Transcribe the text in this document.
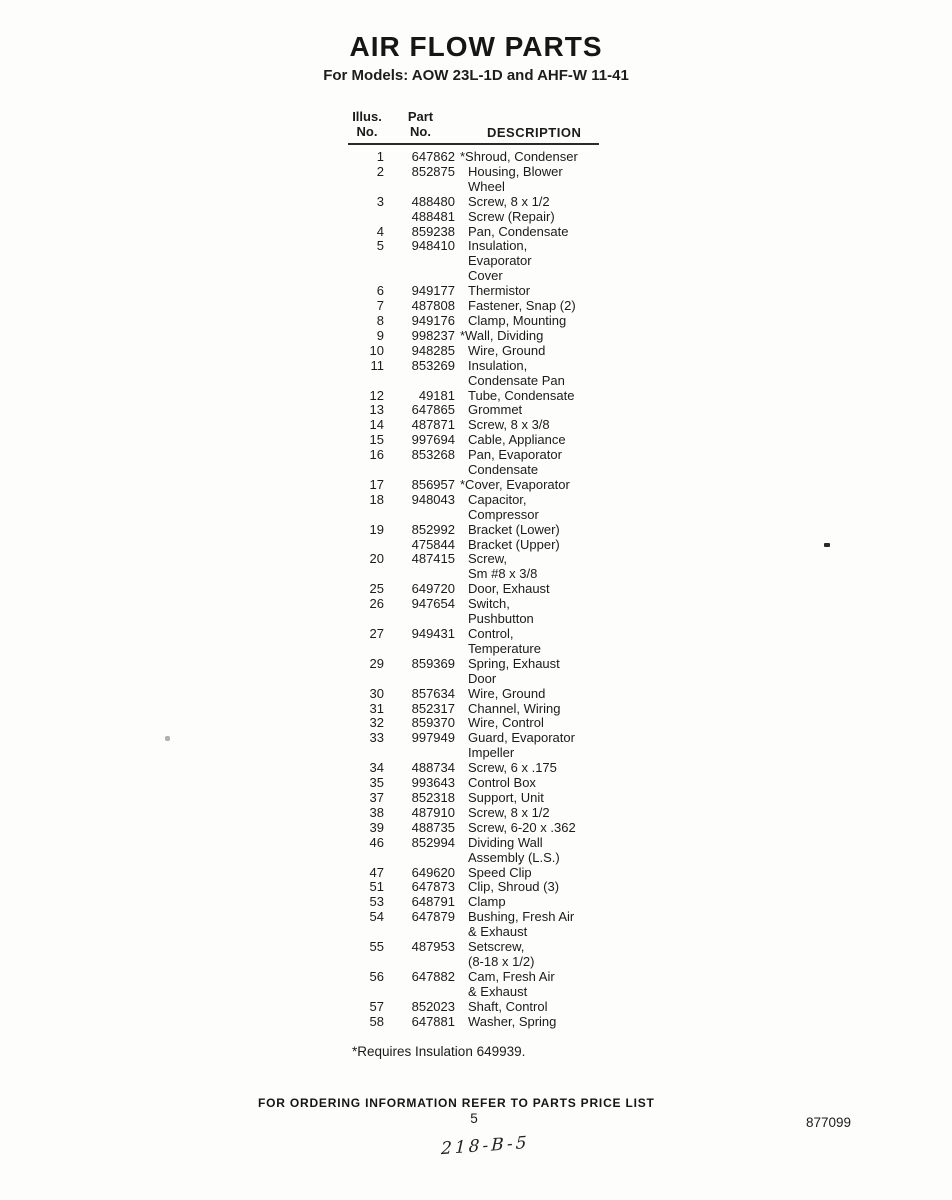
AIR FLOW PARTS
For Models: AOW 23L-1D and AHF-W 11-41
Illus.
No.
Part
No.	DESCRIPTION
1	647862 *Shroud, Condenser
2	852875 Housing, Blower
Wheel
3	488480 Screw, 8 x 1/2
488481 Screw (Repair)
4	859238 Pan, Condensate
5	948410 Insulation,
Evaporator
Cover
6	949177 Thermistor
7	487808 Fastener, Snap (2)
8	949176 Clamp, Mounting
9	998237 *Wall, Dividing
10	948285 Wire, Ground
11	853269 Insulation,
Condensate Pan
12	49181 Tube, Condensate
13	647865 Grommet
14	487871 Screw, 8 x 3/8
15	997694 Cable, Appliance
16	853268 Pan, Evaporator
Condensate
17	856957 *Cover, Evaporator
18	948043 Capacitor,
Compressor
19	852992 Bracket (Lower)
475844 Bracket (Upper)
20	487415 Screw,
Sm #8 x 3/8
25	649720 Door, Exhaust
26	947654 Switch,
Pushbutton
27	949431 Control,
Temperature
29	859369 Spring, Exhaust
Door
30	857634 Wire, Ground
31	852317 Channel, Wiring
32	859370 Wire, Control
33	997949 Guard, Evaporator
Impeller
34	488734 Screw, 6 x .175
35	993643 Control Box
37	852318 Support, Unit
38	487910 Screw, 8 x 1/2
39	488735 Screw, 6-20 x .362
46	852994 Dividing Wall
Assembly (L.S.)
47	649620 Speed Clip
51	647873 Clip, Shroud (3)
53	648791 Clamp
54	647879 Bushing, Fresh Air
& Exhaust
55	487953 Setscrew,
(8-18 x 1/2)
56	647882 Cam, Fresh Air
& Exhaust
57	852023 Shaft, Control
58	647881 Washer, Spring
*Requires Insulation 649939.
FOR ORDERING INFORMATION REFER TO PARTS PRICE LIST
5	877099
218-B-5
